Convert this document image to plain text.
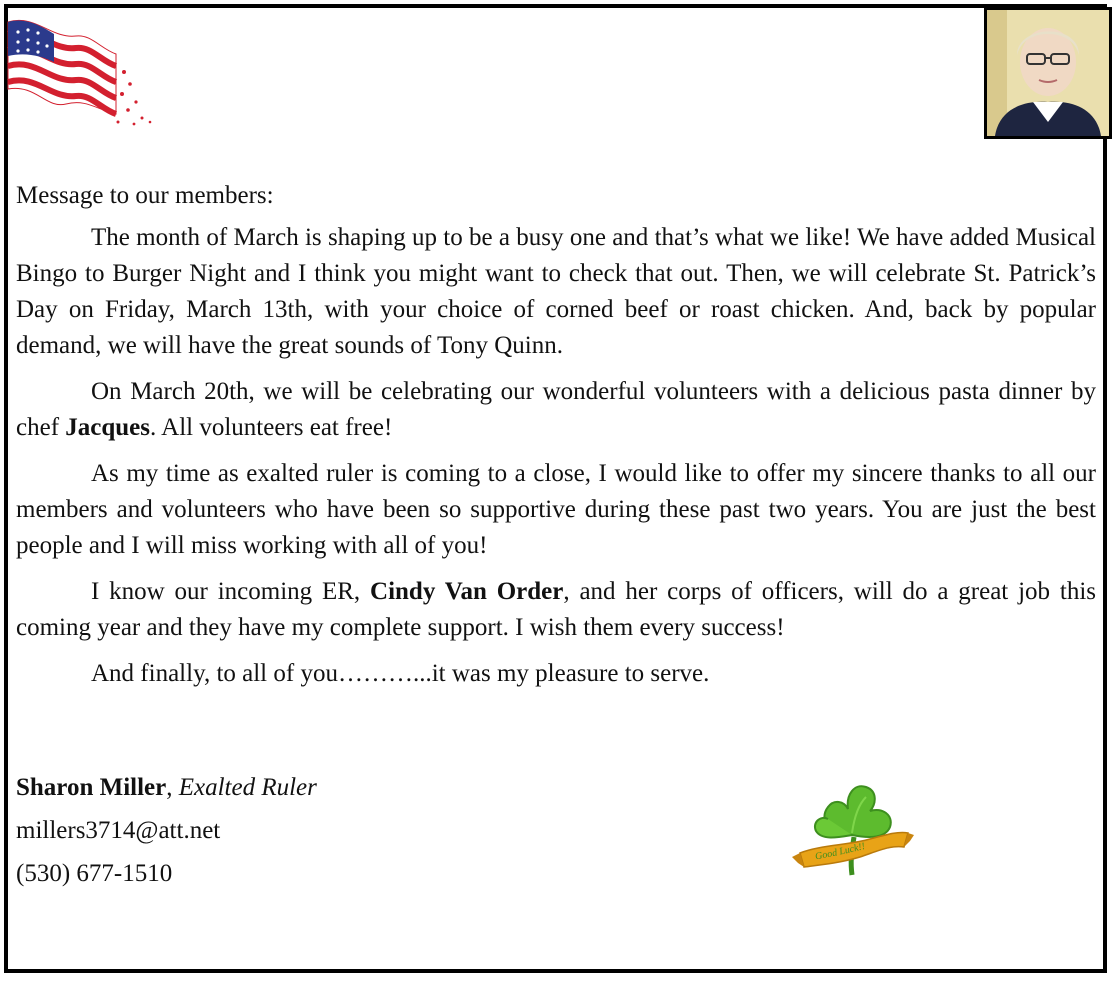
Message to our members:

The month of March is shaping up to be a busy one and that’s what we like! We have added Musical Bingo to Burger Night and I think you might want to check that out. Then, we will celebrate St. Patrick’s Day on Friday, March 13th, with your choice of corned beef or roast chicken. And, back by popular demand, we will have the great sounds of Tony Quinn.

On March 20th, we will be celebrating our wonderful volunteers with a delicious pasta dinner by chef Jacques. All volunteers eat free!

As my time as exalted ruler is coming to a close, I would like to offer my sincere thanks to all our members and volunteers who have been so supportive during these past two years. You are just the best people and I will miss working with all of you!

I know our incoming ER, Cindy Van Order, and her corps of officers, will do a great job this coming year and they have my complete support. I wish them every success!

And finally, to all of you………...it was my pleasure to serve.

Sharon Miller, Exalted Ruler
millers3714@att.net
(530) 677-1510
Good Luck!!
